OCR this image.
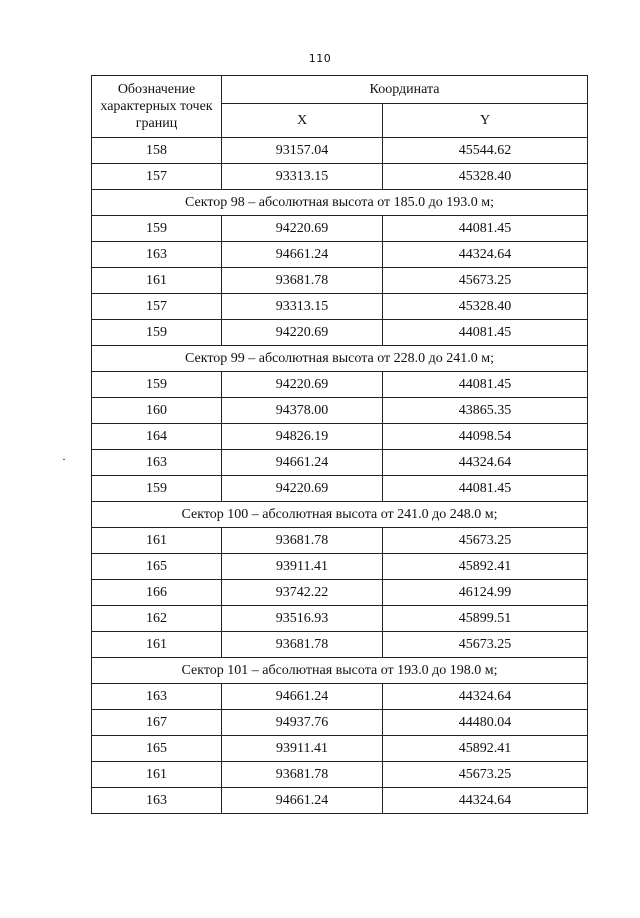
110
Обозначение характерных точек границ	Координата	
	X	Y
158	93157.04	45544.62
157	93313.15	45328.40
Сектор 98 – абсолютная высота от 185.0 до 193.0 м;		
159	94220.69	44081.45
163	94661.24	44324.64
161	93681.78	45673.25
157	93313.15	45328.40
159	94220.69	44081.45
Сектор 99 – абсолютная высота от 228.0 до 241.0 м;		
159	94220.69	44081.45
160	94378.00	43865.35
164	94826.19	44098.54
163	94661.24	44324.64
159	94220.69	44081.45
Сектор 100 – абсолютная высота от 241.0 до 248.0 м;		
161	93681.78	45673.25
165	93911.41	45892.41
166	93742.22	46124.99
162	93516.93	45899.51
161	93681.78	45673.25
Сектор 101 – абсолютная высота от 193.0 до 198.0 м;		
163	94661.24	44324.64
167	94937.76	44480.04
165	93911.41	45892.41
161	93681.78	45673.25
163	94661.24	44324.64
